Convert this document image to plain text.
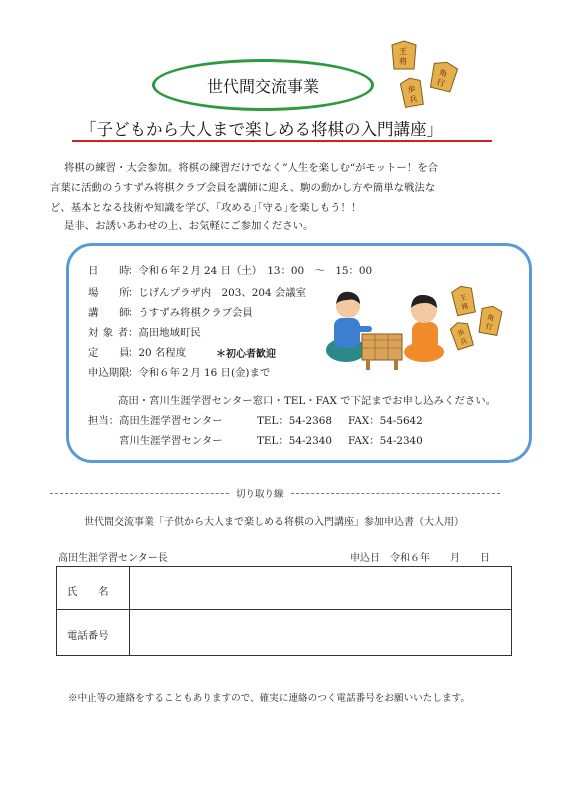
世代間交流事業
「子どもから大人まで楽しめる将棋の入門講座」
王
将
角
行
歩
兵
将棋の練習・大会参加。将棋の練習だけでなく”人生を楽しむ“がモットー！を合
言葉に活動のうすずみ将棋クラブ会員を講師に迎え、駒の動かし方や簡単な戦法な
ど、基本となる技術や知識を学び、｢攻める｣｢守る｣を楽しもう！！
是非、お誘いあわせの上、お気軽にご参加ください。
日　　時：令和６年２月 24 日（土）　13：00　～　15：00
場　　所：じげんプラザ内　203、204 会議室
講　　師：うすずみ将棋クラブ会員
対 象 者：高田地域町民
定　　員：20 名程度	＊初心者歓迎
申込期限：令和６年２月 16 日(金)まで
高田・宮川生涯学習センター窓口・TEL・FAX で下記までお申し込みください。
担当： 高田生涯学習センター	TEL：54-2368 FAX：54-5642
宮川生涯学習センター	TEL：54-2340 FAX：54-2340
王
将
角
行
歩
兵
切り取り線
世代間交流事業「子供から大人まで楽しめる将棋の入門講座」参加申込書（大人用）
高田生涯学習センター長	申込日　令和６年　　月　　日
氏　　名
電話番号
※中止等の連絡をすることもありますので、確実に連絡のつく電話番号をお願いいたします。
